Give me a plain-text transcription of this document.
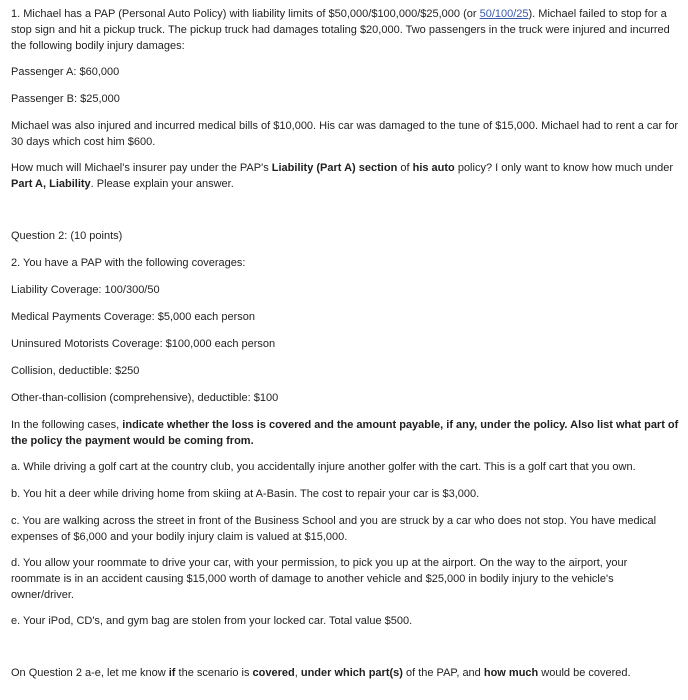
1. Michael has a PAP (Personal Auto Policy) with liability limits of $50,000/$100,000/$25,000 (or 50/100/25). Michael failed to stop for a stop sign and hit a pickup truck. The pickup truck had damages totaling $20,000. Two passengers in the truck were injured and incurred the following bodily injury damages:

Passenger A: $60,000

Passenger B: $25,000

Michael was also injured and incurred medical bills of $10,000. His car was damaged to the tune of $15,000. Michael had to rent a car for 30 days which cost him $600.

How much will Michael's insurer pay under the PAP's Liability (Part A) section of his auto policy? I only want to know how much under Part A, Liability. Please explain your answer.

Question 2: (10 points)

2. You have a PAP with the following coverages:

Liability Coverage: 100/300/50

Medical Payments Coverage: $5,000 each person

Uninsured Motorists Coverage: $100,000 each person

Collision, deductible: $250

Other-than-collision (comprehensive), deductible: $100

In the following cases, indicate whether the loss is covered and the amount payable, if any, under the policy. Also list what part of the policy the payment would be coming from.

a. While driving a golf cart at the country club, you accidentally injure another golfer with the cart. This is a golf cart that you own.

b. You hit a deer while driving home from skiing at A-Basin. The cost to repair your car is $3,000.

c. You are walking across the street in front of the Business School and you are struck by a car who does not stop. You have medical expenses of $6,000 and your bodily injury claim is valued at $15,000.

d. You allow your roommate to drive your car, with your permission, to pick you up at the airport. On the way to the airport, your roommate is in an accident causing $15,000 worth of damage to another vehicle and $25,000 in bodily injury to the vehicle's owner/driver.

e. Your iPod, CD's, and gym bag are stolen from your locked car. Total value $500.

On Question 2 a-e, let me know if the scenario is covered, under which part(s) of the PAP, and how much would be covered.
